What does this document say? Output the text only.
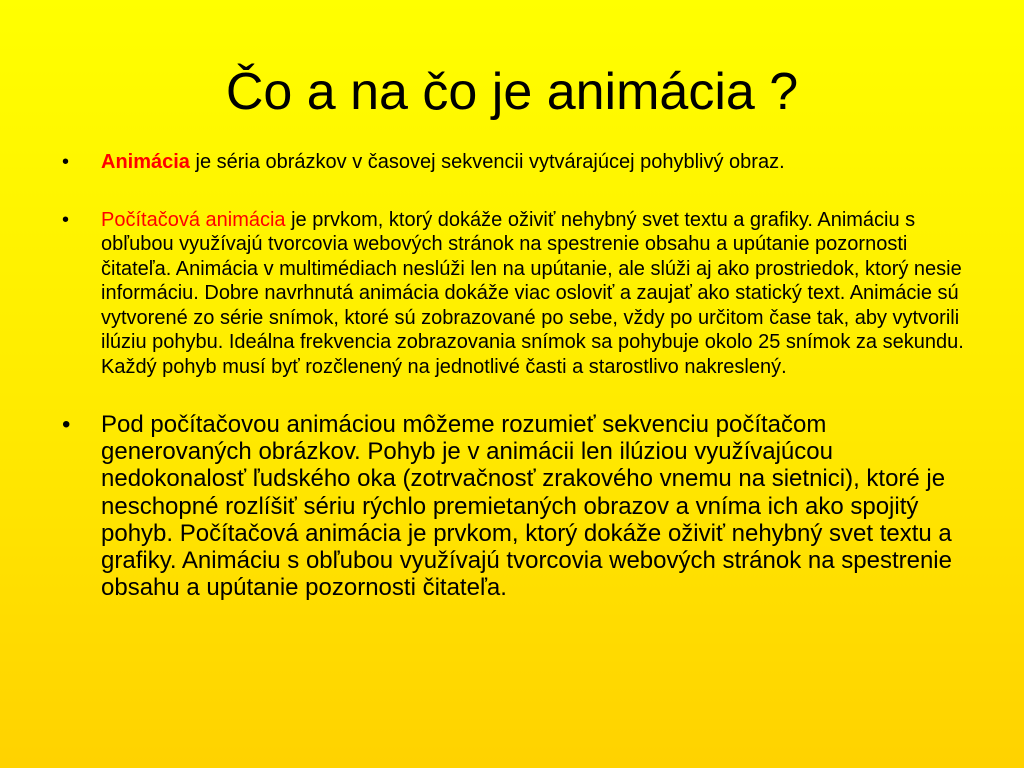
Čo a na čo je animácia ?
• Animácia je séria obrázkov v časovej sekvencii vytvárajúcej pohyblivý obraz.
• Počítačová animácia je prvkom, ktorý dokáže oživiť nehybný svet textu a grafiky. Animáciu s obľubou využívajú tvorcovia webových stránok na spestrenie obsahu a upútanie pozornosti čitateľa. Animácia v multimédiach neslúži len na upútanie, ale slúži aj ako prostriedok, ktorý nesie informáciu. Dobre navrhnutá animácia dokáže viac osloviť a zaujať ako statický text. Animácie sú vytvorené zo série snímok, ktoré sú zobrazované po sebe, vždy po určitom čase tak, aby vytvorili ilúziu pohybu. Ideálna frekvencia zobrazovania snímok sa pohybuje okolo 25 snímok za sekundu. Každý pohyb musí byť rozčlenený na jednotlivé časti a starostlivo nakreslený.
• Pod počítačovou animáciou môžeme rozumieť sekvenciu počítačom generovaných obrázkov. Pohyb je v animácii len ilúziou využívajúcou nedokonalosť ľudského oka (zotrvačnosť zrakového vnemu na sietnici), ktoré je neschopné rozlíšiť sériu rýchlo premietaných obrazov a vníma ich ako spojitý pohyb. Počítačová animácia je prvkom, ktorý dokáže oživiť nehybný svet textu a grafiky. Animáciu s obľubou využívajú tvorcovia webových stránok na spestrenie obsahu a upútanie pozornosti čitateľa.
